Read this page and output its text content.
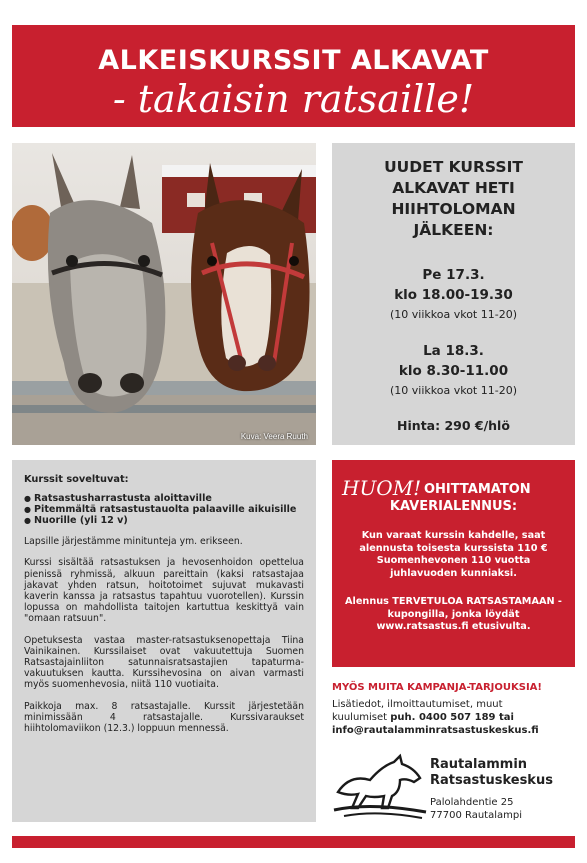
ALKEISKURSSIT ALKAVAT
- takaisin ratsaille!
Kuva: Veera Ruuth
UUDET KURSSIT
ALKAVAT HETI
HIIHTOLOMAN
JÄLKEEN:
Pe 17.3.
klo 18.00-19.30
(10 viikkoa vkot 11-20)
La 18.3.
klo 8.30-11.00
(10 viikkoa vkot 11-20)
Hinta: 290 €/hlö

Kurssit soveltuvat:

● Ratsastusharrastusta aloittaville
● Pitemmältä ratsastustauolta palaaville aikuisille
● Nuorille (yli 12 v)

Lapsille järjestämme minitunteja ym. erikseen.

Kurssi sisältää ratsastuksen ja hevosenhoidon opettelua pienissä ryhmissä, alkuun pareittain (kaksi ratsastajaa jakavat yhden ratsun, hoitotoimet sujuvat mukavasti kaverin kanssa ja ratsastus tapahtuu vuorotellen). Kurssin lopussa on mahdollista taitojen kartuttua keskittyä vain "omaan ratsuun".

Opetuksesta vastaa master-ratsastuksenopettaja Tiina Vainikainen. Kurssilaiset ovat vakuutettuja Suomen Ratsastajainliiton satunnaisratsastajien tapaturma-vakuutuksen kautta. Kurssihevosina on aivan varmasti myös suomenhevosia, niitä 110 vuotiaita.

Paikkoja max. 8 ratsastajalle. Kurssit järjestetään minimissään 4 ratsastajalle. Kurssivaraukset hiihtolomaviikon (12.3.) loppuun mennessä.

HUOM! OHITTAMATON
KAVERIALENNUS:
Kun varaat kurssin kahdelle, saat alennusta toisesta kurssista 110 € Suomenhevonen 110 vuotta juhlavuoden kunniaksi.
Alennus TERVETULOA RATSASTAMAAN -kupongilla, jonka löydät www.ratsastus.fi etusivulta.
MYÖS MUITA KAMPANJA-TARJOUKSIA!
Lisätiedot, ilmoittautumiset, muut
kuulumiset puh. 0400 507 189 tai
info@rautalamminratsastuskeskus.fi
Rautalammin
Ratsastuskeskus
Palolahdentie 25
77700 Rautalampi
